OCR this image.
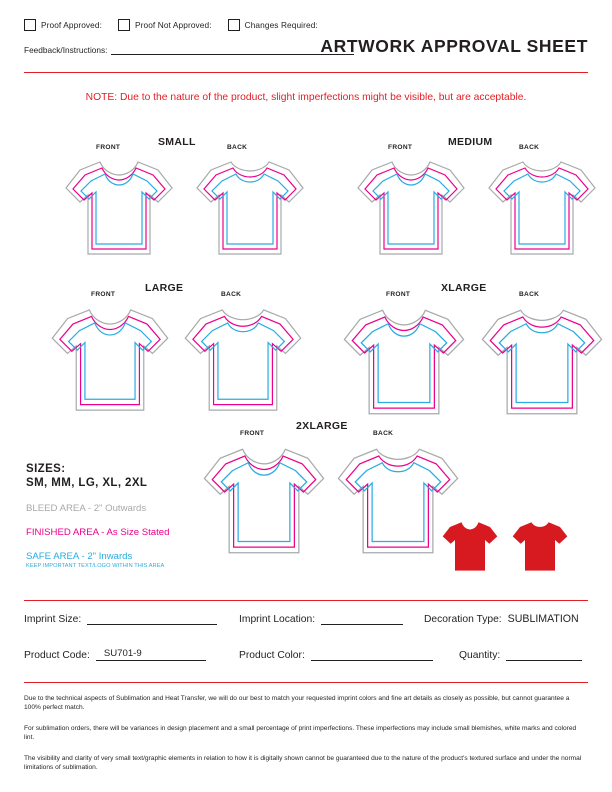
Proof Approved:	Proof Not Approved:	Changes Required:
Feedback/Instructions:	ARTWORK APPROVAL SHEET
NOTE: Due to the nature of the product, slight imperfections might be visible, but are acceptable.
SMALL
FRONT	BACK	MEDIUM
FRONT	BACK
LARGE
FRONT	BACK
XLARGE
FRONT	BACK
2XLARGE
FRONT	BACK
SIZES:
SM, MM, LG, XL, 2XL
BLEED AREA - 2" Outwards
FINISHED AREA - As Size Stated
SAFE AREA - 2" Inwards
KEEP IMPORTANT TEXT/LOGO WITHIN THIS AREA
Imprint Size:	Imprint Location:	Decoration Type: SUBLIMATION
Product Code: SU701-9	Product Color:	Quantity:

Due to the technical aspects of Sublimation and Heat Transfer, we will do our best to match your requested imprint colors and fine art details as closely as possible, but cannot guarantee a 100% perfect match.

For sublimation orders, there will be variances in design placement and a small percentage of print imperfections. These imperfections may include small blemishes, white marks and colored lint.

The visibility and clarity of very small text/graphic elements in relation to how it is digitally shown cannot be guaranteed due to the nature of the product's textured surface and under the normal limitations of sublimation.
